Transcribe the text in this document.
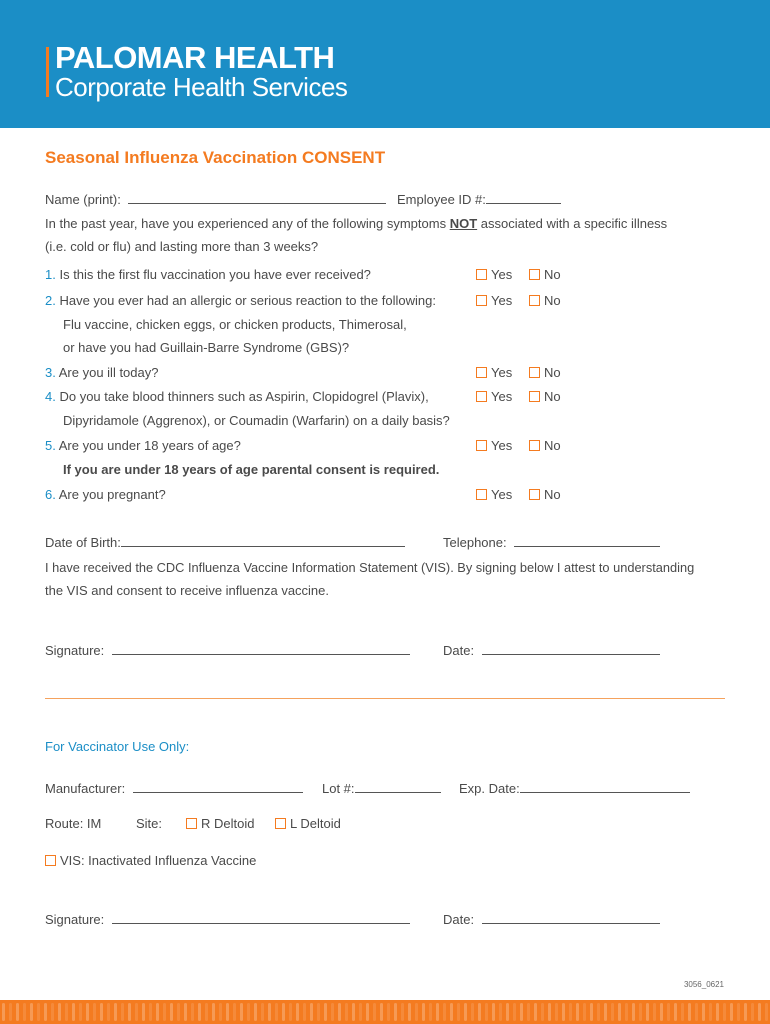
PALOMAR HEALTH
Corporate Health Services
Seasonal Influenza Vaccination CONSENT
Name (print):	Employee ID #:
In the past year, have you experienced any of the following symptoms NOT associated with a specific illness
(i.e. cold or flu) and lasting more than 3 weeks?
1. Is this the first flu vaccination you have ever received?	Yes	No
2. Have you ever had an allergic or serious reaction to the following:
Flu vaccine, chicken eggs, or chicken products, Thimerosal,
or have you had Guillain-Barre Syndrome (GBS)?
Yes	No
3. Are you ill today?	Yes	No
4. Do you take blood thinners such as Aspirin, Clopidogrel (Plavix),
Dipyridamole (Aggrenox), or Coumadin (Warfarin) on a daily basis?
Yes	No
5. Are you under 18 years of age?
If you are under 18 years of age parental consent is required.
Yes	No
6. Are you pregnant?	Yes	No
Date of Birth:	Telephone:
I have received the CDC Influenza Vaccine Information Statement (VIS). By signing below I attest to understanding
the VIS and consent to receive influenza vaccine.
Signature:	Date:
For Vaccinator Use Only:
Manufacturer:	Lot #:	Exp. Date:
Route: IM	Site:	R Deltoid	L Deltoid
VIS: Inactivated Influenza Vaccine
Signature:	Date:
3056_0621
